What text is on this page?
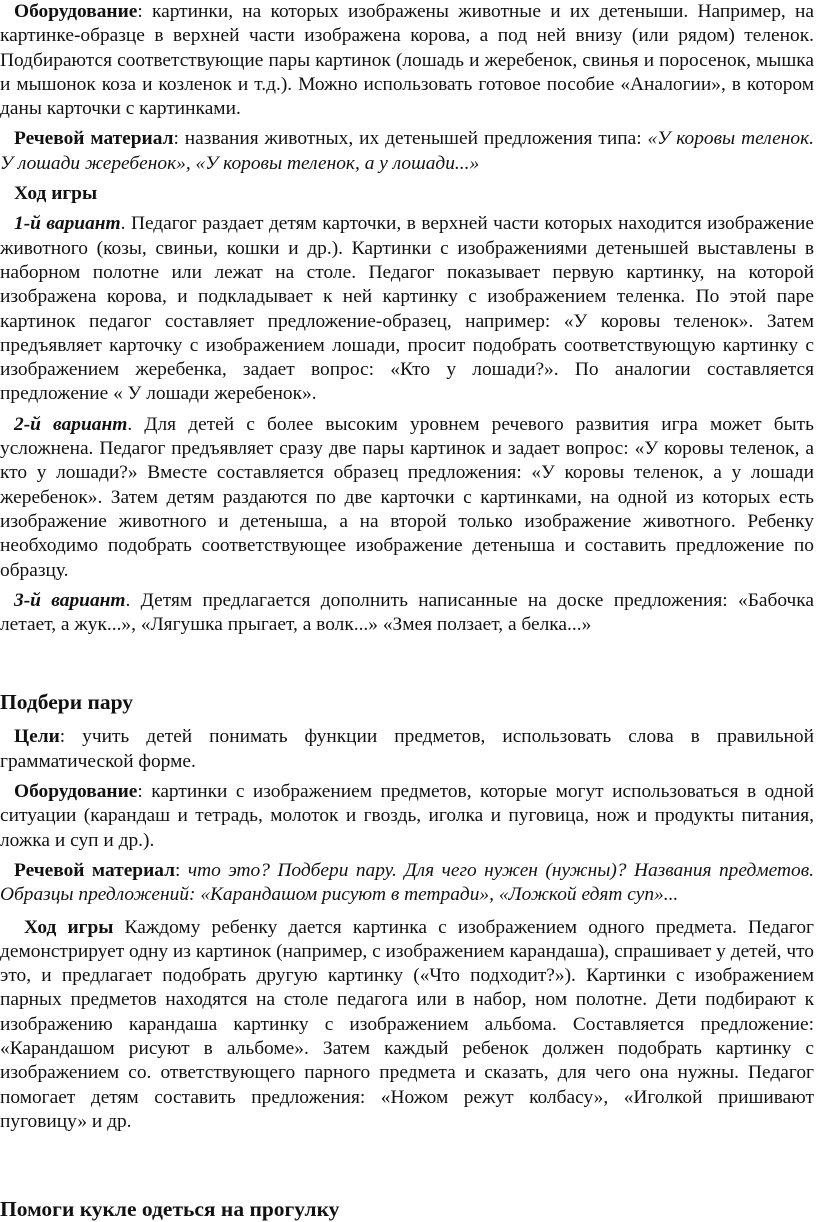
Оборудование: картинки, на которых изображены животные и их детеныши. Например, на картинке-образце в верхней части изображена корова, а под ней внизу (или рядом) теленок. Подбираются соответствующие пары картинок (лошадь и жеребенок, свинья и поросенок, мышка и мышонок коза и козленок и т.д.). Можно использовать готовое пособие «Аналогии», в котором даны карточки с картинками.

Речевой материал: названия животных, их детенышей предложения типа: «У коровы теленок. У лошади жеребенок», «У коровы теленок, а у лошади...»

Ход игры

1-й вариант. Педагог раздает детям карточки, в верхней части которых находится изображение животного (козы, свиньи, кошки и др.). Картинки с изображениями детенышей выставлены в наборном полотне или лежат на столе. Педагог показывает первую картинку, на которой изображена корова, и подкладывает к ней картинку с изображением теленка. По этой паре картинок педагог составляет предложение-образец, например: «У коровы теленок». Затем предъявляет карточку с изображением лошади, просит подобрать соответствующую картинку с изображением жеребенка, задает вопрос: «Кто у лошади?». По аналогии составляется предложение « У лошади жеребенок».

2-й вариант. Для детей с более высоким уровнем речевого развития игра может быть усложнена. Педагог предъявляет сразу две пары картинок и задает вопрос: «У коровы теленок, а кто у лошади?» Вместе составляется образец предложения: «У коровы теленок, а у лошади жеребенок». Затем детям раздаются по две карточки с картинками, на одной из которых есть изображение животного и детеныша, а на второй только изображение животного. Ребенку необходимо подобрать соответствующее изображение детеныша и составить предложение по образцу.

3-й вариант. Детям предлагается дополнить написанные на доске предложения: «Бабочка летает, а жук...», «Лягушка прыгает, а волк...» «Змея ползает, а белка...»

Подбери пару

Цели: учить детей понимать функции предметов, использовать слова в правильной грамматической форме.

Оборудование: картинки с изображением предметов, которые могут использоваться в одной ситуации (карандаш и тетрадь, молоток и гвоздь, иголка и пуговица, нож и продукты питания, ложка и суп и др.).

Речевой материал: что это? Подбери пару. Для чего нужен (нужны)? Названия предметов. Образцы предложений: «Карандашом рисуют в тетради», «Ложкой едят суп»...

Ход игры Каждому ребенку дается картинка с изображением одного предмета. Педагог демонстрирует одну из картинок (например, с изображением карандаша), спрашивает у детей, что это, и предлагает подобрать другую картинку («Что подходит?»). Картинки с изображением парных предметов находятся на столе педагога или в набор, ном полотне. Дети подбирают к изображению карандаша картинку с изображением альбома. Составляется предложение: «Карандашом рисуют в альбоме». Затем каждый ребенок должен подобрать картинку с изображением со. ответствующего парного предмета и сказать, для чего она нужны. Педагог помогает детям составить предложения: «Ножом режут колбасу», «Иголкой пришивают пуговицу» и др.

Помоги кукле одеться на прогулку
